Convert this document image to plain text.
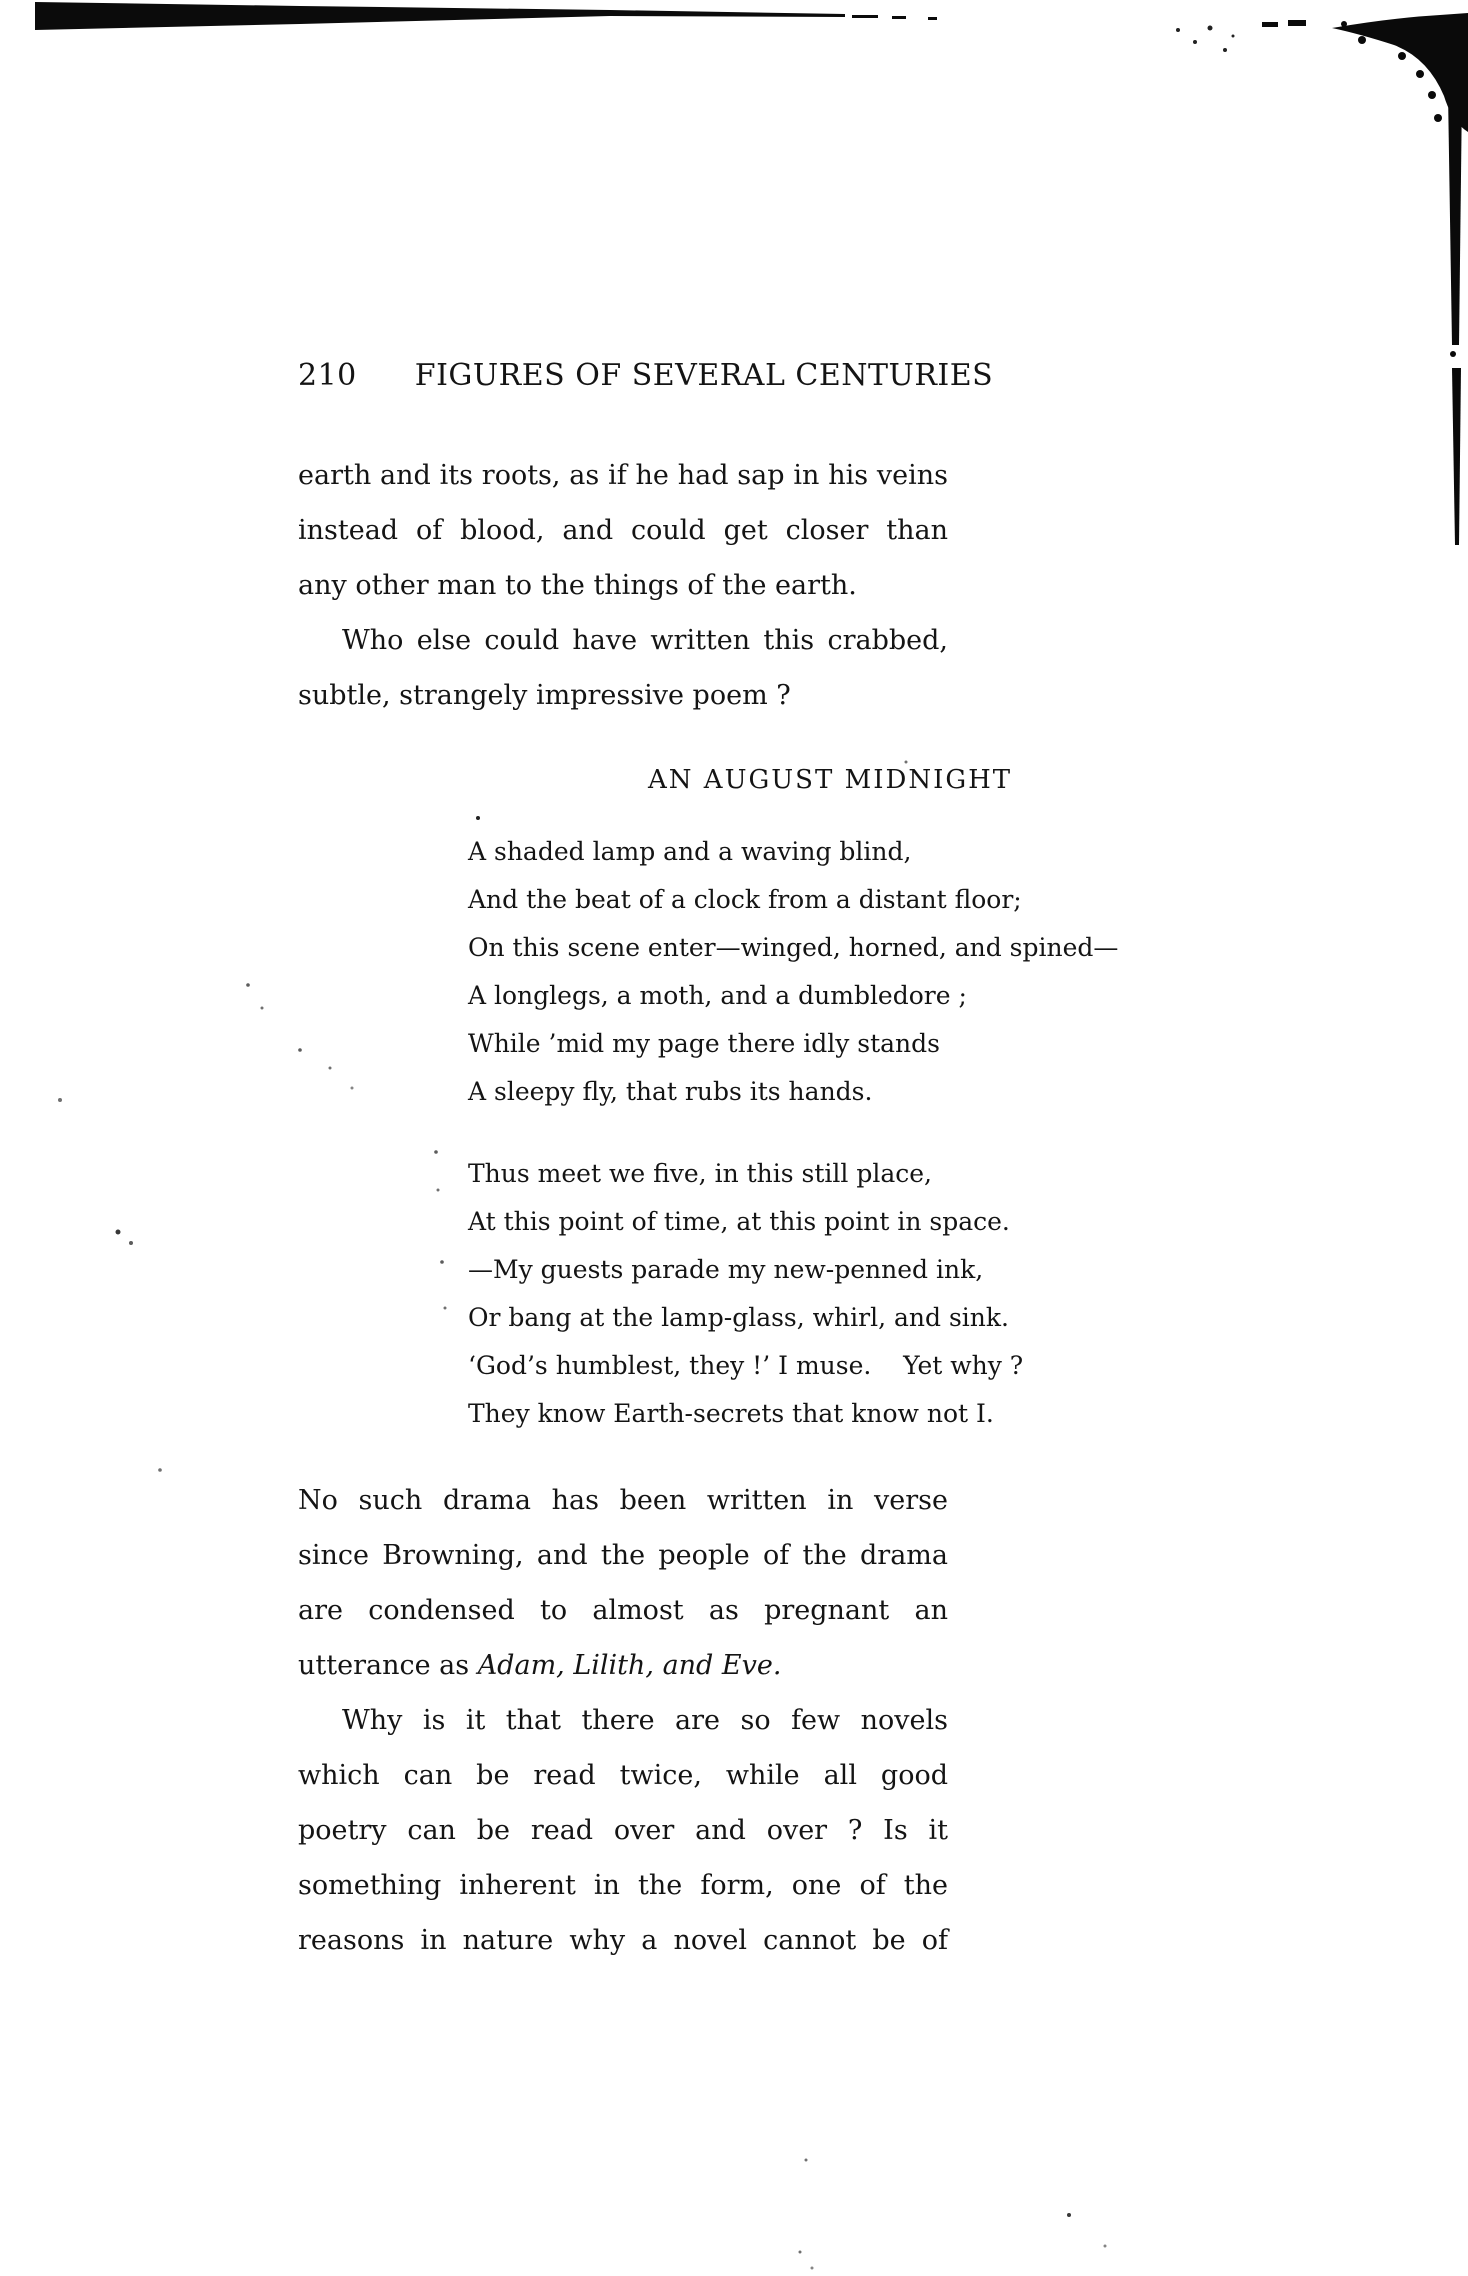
210 FIGURES OF SEVERAL CENTURIES
earth and its roots, as if he had sap in his veins
instead of blood, and could get closer than
any other man to the things of the earth.
Who else could have written this crabbed,
subtle, strangely impressive poem ?
AN AUGUST MIDNIGHT
A shaded lamp and a waving blind,
And the beat of a clock from a distant floor;
On this scene enter—winged, horned, and spined—
A longlegs, a moth, and a dumbledore ;
While ’mid my page there idly stands
A sleepy fly, that rubs its hands.
Thus meet we five, in this still place,
At this point of time, at this point in space.
—My guests parade my new-penned ink,
Or bang at the lamp-glass, whirl, and sink.
‘God’s humblest, they !’ I muse.    Yet why ?
They know Earth-secrets that know not I.
No such drama has been written in verse
since Browning, and the people of the drama
are condensed to almost as pregnant an
utterance as Adam, Lilith, and Eve.
Why is it that there are so few novels
which can be read twice, while all good
poetry can be read over and over ? Is it
something inherent in the form, one of the
reasons in nature why a novel cannot be of
